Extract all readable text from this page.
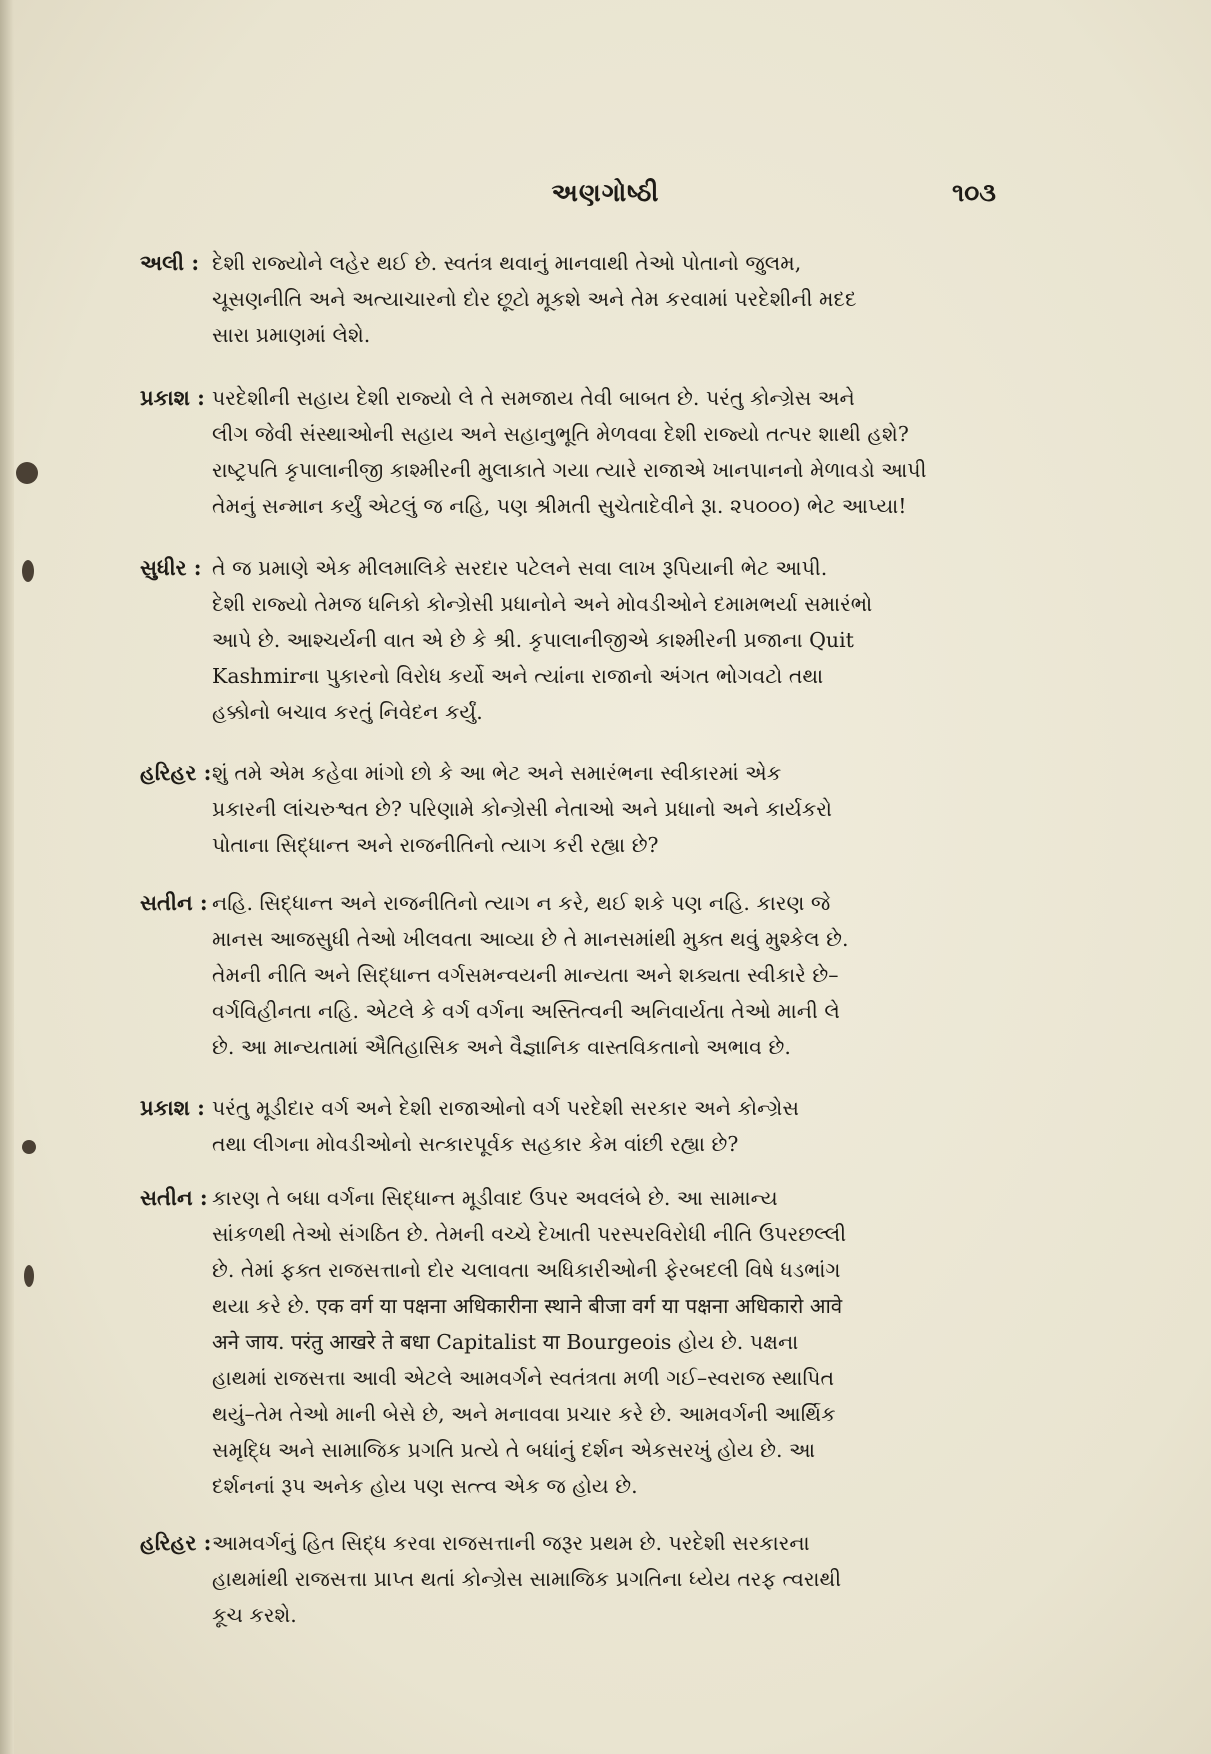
અણગોષ્ઠી	૧૦૩
અલી : દેશી રાજ્યોને લહેર થઈ છે. સ્વતંત્ર થવાનું માનવાથી તેઓ પોતાનો જુલમ,
ચૂસણનીતિ અને અત્યાચારનો દોર છૂટો મૂકશે અને તેમ કરવામાં પરદેશીની મદદ
સારા પ્રમાણમાં લેશે.
પ્રકાશ : પરદેશીની સહાય દેશી રાજ્યો લે તે સમજાય તેવી બાબત છે. પરંતુ કોન્ગ્રેસ અને
લીગ જેવી સંસ્થાઓની સહાય અને સહાનુભૂતિ મેળવવા દેશી રાજ્યો તત્પર શાથી હશે?
રાષ્ટ્રપતિ કૃપાલાનીજી કાશ્મીરની મુલાકાતે ગયા ત્યારે રાજાએ ખાનપાનનો મેળાવડો આપી
તેમનું સન્માન કર્યું એટલું જ નહિ, પણ શ્રીમતી સુચેતાદેવીને રૂા. ૨૫૦૦૦) ભેટ આપ્યા!
સુધીર : તે જ પ્રમાણે એક મીલમાલિકે સરદાર પટેલને સવા લાખ રૂપિયાની ભેટ આપી.
દેશી રાજ્યો તેમજ ધનિકો કોન્ગ્રેસી પ્રધાનોને અને મોવડીઓને દમામભર્યા સમારંભો
આપે છે. આશ્ચર્યની વાત એ છે કે શ્રી. કૃપાલાનીજીએ કાશ્મીરની પ્રજાના Quit
Kashmirના પુકારનો વિરોધ કર્યો અને ત્યાંના રાજાનો અંગત ભોગવટો તથા
હક્કોનો બચાવ કરતું નિવેદન કર્યું.
હરિહર : શું તમે એમ કહેવા માંગો છો કે આ ભેટ અને સમારંભના સ્વીકારમાં એક
પ્રકારની લાંચરુશ્વત છે? પરિણામે કોન્ગ્રેસી નેતાઓ અને પ્રધાનો અને કાર્યકરો
પોતાના સિદ્ધાન્ત અને રાજનીતિનો ત્યાગ કરી રહ્યા છે?
સતીન : નહિ. સિદ્ધાન્ત અને રાજનીતિનો ત્યાગ ન કરે, થઈ શકે પણ નહિ. કારણ જે
માનસ આજસુધી તેઓ ખીલવતા આવ્યા છે તે માનસમાંથી મુક્ત થવું મુશ્કેલ છે.
તેમની નીતિ અને સિદ્ધાન્ત વર્ગસમન્વયની માન્યતા અને શક્યતા સ્વીકારે છે–
વર્ગવિહીનતા નહિ. એટલે કે વર્ગ વર્ગના અસ્તિત્વની અનિવાર્યતા તેઓ માની લે
છે. આ માન્યતામાં ઐતિહાસિક અને વૈજ્ઞાનિક વાસ્તવિકતાનો અભાવ છે.
પ્રકાશ : પરંતુ મૂડીદાર વર્ગ અને દેશી રાજાઓનો વર્ગ પરદેશી સરકાર અને કોન્ગ્રેસ
તથા લીગના મોવડીઓનો સત્કારપૂર્વક સહકાર કેમ વાંછી રહ્યા છે?
સતીન : કારણ તે બધા વર્ગના સિદ્ધાન્ત મૂડીવાદ ઉપર અવલંબે છે. આ સામાન્ય
સાંકળથી તેઓ સંગઠિત છે. તેમની વચ્ચે દેખાતી પરસ્પરવિરોધી નીતિ ઉપરછલ્લી
છે. તેમાં ફક્ત રાજસત્તાનો દોર ચલાવતા અધિકારીઓની ફેરબદલી વિષે ધડભાંગ
થયા કરે છે. एक वर्ग या पक्षना अधिकारीना स्थाने बीजा वर्ग या पक्षना अधिकारो आवे
अने जाय. परंतु आखरे ते बधा Capitalist या Bourgeois હોય છે. પક્ષના
હાથમાં રાજસત્તા આવી એટલે આમવર્ગને સ્વતંત્રતા મળી ગઈ–સ્વરાજ સ્થાપિત
થયું–તેમ તેઓ માની બેસે છે, અને મનાવવા પ્રચાર કરે છે. આમવર્ગની આર્થિક
સમૃદ્ધિ અને સામાજિક પ્રગતિ પ્રત્યે તે બધાંનું દર્શન એકસરખું હોય છે. આ
દર્શનનાં રૂપ અનેક હોય પણ સત્ત્વ એક જ હોય છે.
હરિહર : આમવર્ગનું હિત સિદ્ધ કરવા રાજસત્તાની જરૂર પ્રથમ છે. પરદેશી સરકારના
હાથમાંથી રાજસત્તા પ્રાપ્ત થતાં કોન્ગ્રેસ સામાજિક પ્રગતિના ધ્યેય તરફ ત્વરાથી
કૂચ કરશે.
